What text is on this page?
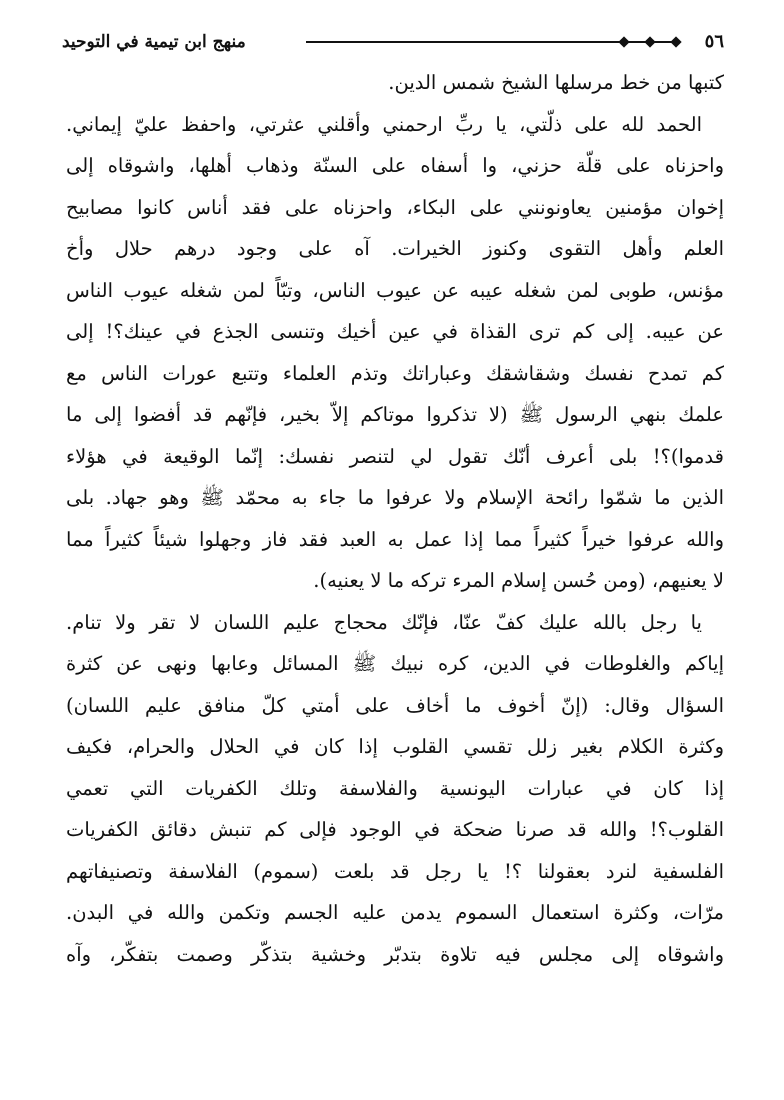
٥٦
منهج ابن تيمية في التوحيد
كتبها من خط مرسلها الشيخ شمس الدين.
الحمد لله على ذلّتي، يا ربِّ ارحمني وأقلني عثرتي، واحفظ عليّ إيماني.
واحزناه على قلّة حزني، وا أسفاه على السنّة وذهاب أهلها، واشوقاه إلى
إخوان مؤمنين يعاونونني على البكاء، واحزناه على فقد أناس كانوا مصابيح
العلم وأهل التقوى وكنوز الخيرات. آه على وجود درهم حلال وأخ
مؤنس، طوبى لمن شغله عيبه عن عيوب الناس، وتبّاً لمن شغله عيوب الناس
عن عيبه. إلى كم ترى القذاة في عين أخيك وتنسى الجذع في عينك؟! إلى
كم تمدح نفسك وشقاشقك وعباراتك وتذم العلماء وتتبع عورات الناس مع
علمك بنهي الرسول ﷺ (لا تذكروا موتاكم إلاّ بخير، فإنّهم قد أفضوا إلى ما
قدموا)؟! بلى أعرف أنّك تقول لي لتنصر نفسك: إنّما الوقيعة في هؤلاء
الذين ما شمّوا رائحة الإسلام ولا عرفوا ما جاء به محمّد ﷺ وهو جهاد. بلى
والله عرفوا خيراً كثيراً مما إذا عمل به العبد فقد فاز وجهلوا شيئاً كثيراً مما
لا يعنيهم، (ومن حُسن إسلام المرء تركه ما لا يعنيه).
يا رجل بالله عليك كفّ عنّا، فإنّك محجاج عليم اللسان لا تقر ولا تنام.
إياكم والغلوطات في الدين، كره نبيك ﷺ المسائل وعابها ونهى عن كثرة
السؤال وقال: (إنّ أخوف ما أخاف على أمتي كلّ منافق عليم اللسان)
وكثرة الكلام بغير زلل تقسي القلوب إذا كان في الحلال والحرام، فكيف
إذا كان في عبارات اليونسية والفلاسفة وتلك الكفريات التي تعمي
القلوب؟! والله قد صرنا ضحكة في الوجود فإلى كم تنبش دقائق الكفريات
الفلسفية لنرد بعقولنا ؟! يا رجل قد بلعت (سموم) الفلاسفة وتصنيفاتهم
مرّات، وكثرة استعمال السموم يدمن عليه الجسم وتكمن والله في البدن.
واشوقاه إلى مجلس فيه تلاوة بتدبّر وخشية بتذكّر وصمت بتفكّر، وآه
